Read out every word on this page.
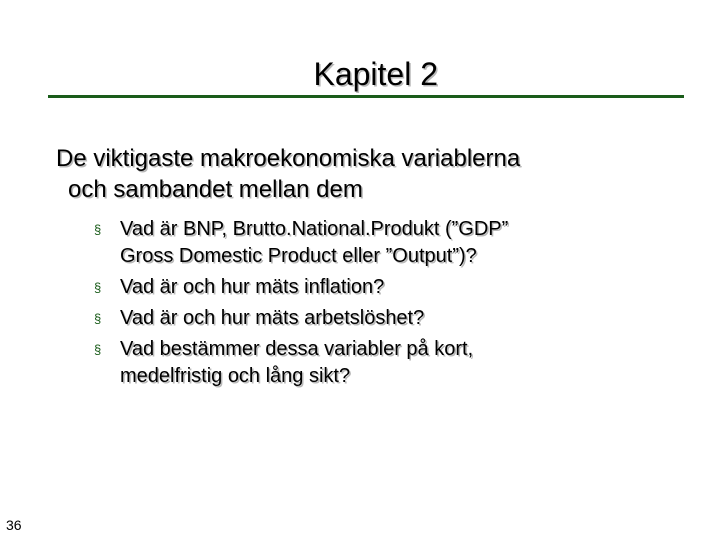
Kapitel 2
De viktigaste makroekonomiska variablerna
och sambandet mellan dem
§ Vad är BNP, Brutto.National.Produkt (”GDP”
Gross Domestic Product eller ”Output”)?
§ Vad är och hur mäts inflation?
§ Vad är och hur mäts arbetslöshet?
§ Vad bestämmer dessa variabler på kort,
medelfristig och lång sikt?
36
